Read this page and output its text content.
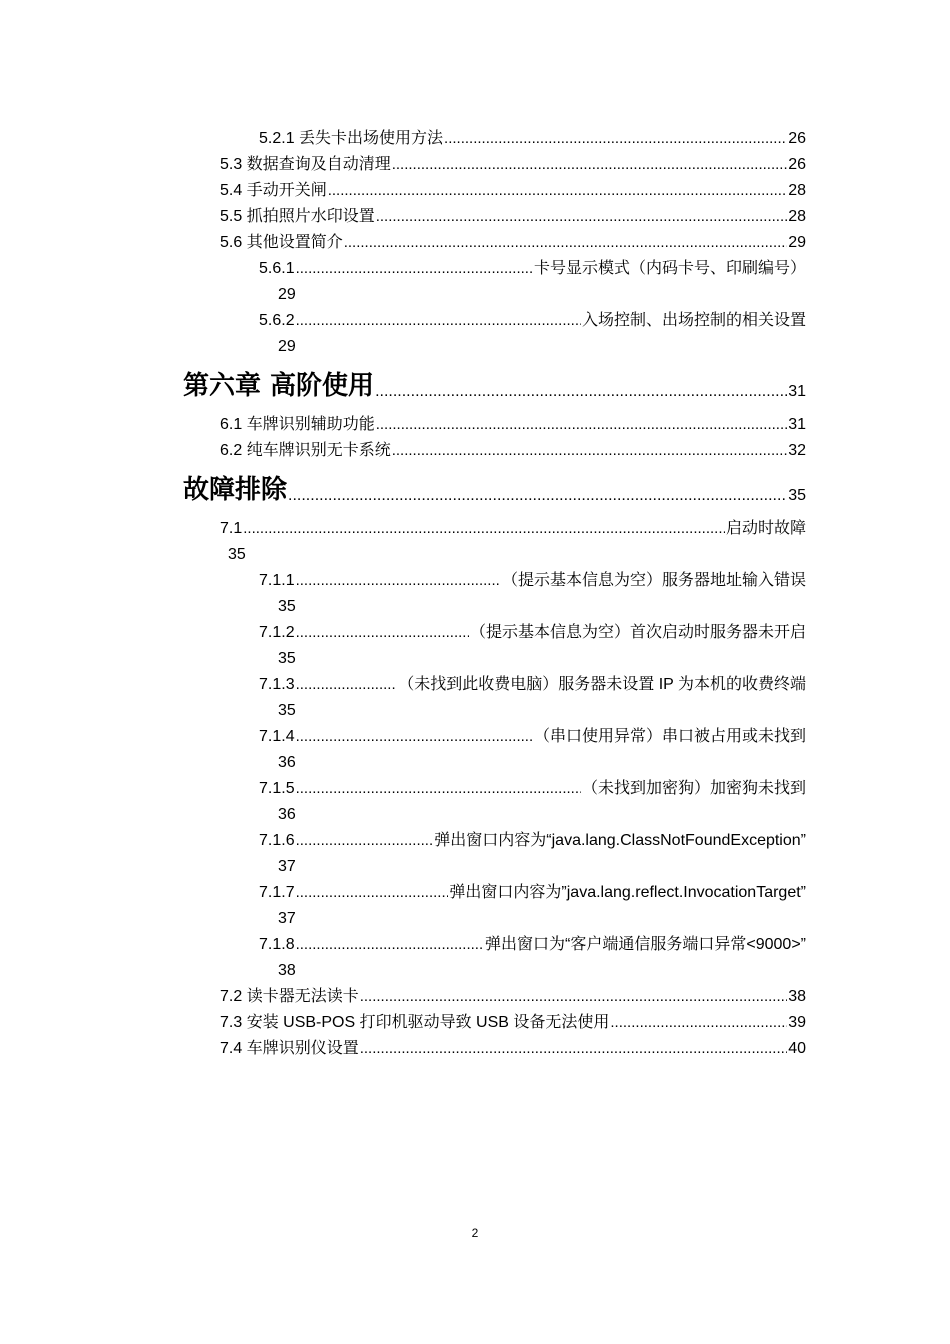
5.2.1 丢失卡出场使用方法 .....	26
5.3 数据查询及自动清理 .....	26
5.4 手动开关闸 .....	28
5.5 抓拍照片水印设置 .....	28
5.6 其他设置简介 .....	29
5.6.1 .....	卡号显示模式（内码卡号、印刷编号）
29
5.6.2 .....	入场控制、出场控制的相关设置
29
第六章 高阶使用 .....	31
6.1 车牌识别辅助功能 .....	31
6.2 纯车牌识别无卡系统 .....	32
故障排除 .....	35
7.1 .....	启动时故障
35
7.1.1 .....	（提示基本信息为空）服务器地址输入错误
35
7.1.2 .....	（提示基本信息为空）首次启动时服务器未开启
35
7.1.3 .....	（未找到此收费电脑）服务器未设置 IP 为本机的收费终端
35
7.1.4 .....	（串口使用异常）串口被占用或未找到
36
7.1.5 .....	（未找到加密狗）加密狗未找到
36
7.1.6 .....	弹出窗口内容为“java.lang.ClassNotFoundException”
37
7.1.7 .....	弹出窗口内容为”java.lang.reflect.InvocationTarget”
37
7.1.8 .....	弹出窗口为“客户端通信服务端口异常<9000>”
38
7.2 读卡器无法读卡 .....	38
7.3 安装 USB-POS 打印机驱动导致 USB 设备无法使用 .....	39
7.4 车牌识别仪设置 .....	40
2
